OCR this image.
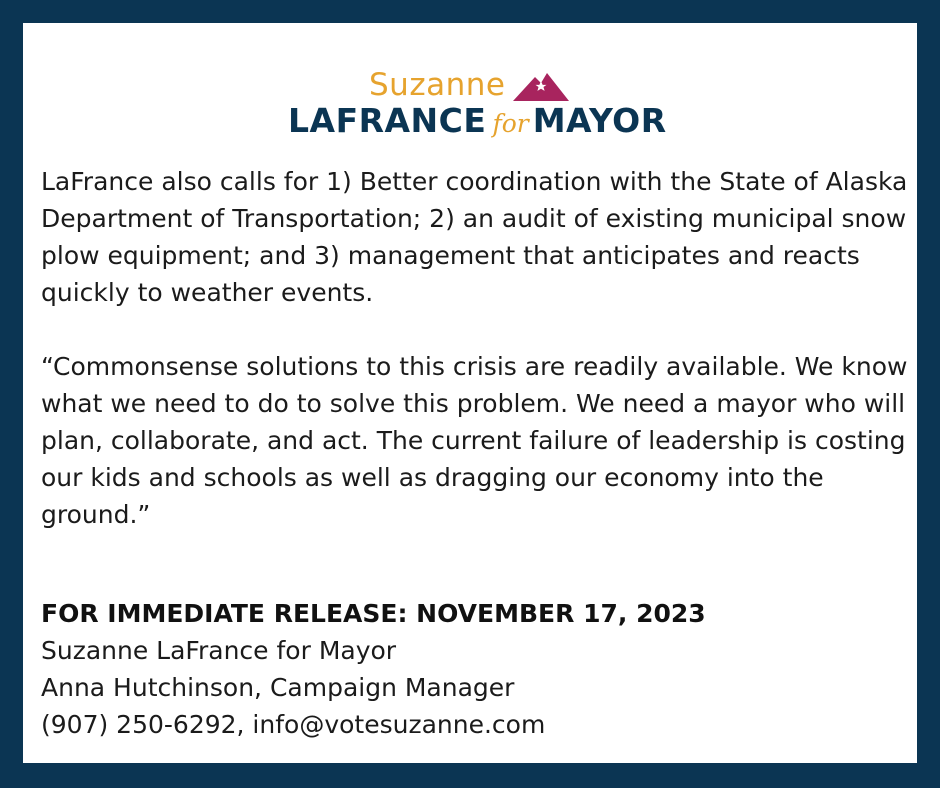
Suzanne
LAFRANCE for MAYOR

LaFrance also calls for 1) Better coordination with the State of Alaska Department of Transportation; 2) an audit of existing municipal snow plow equipment; and 3) management that anticipates and reacts quickly to weather events.

“Commonsense solutions to this crisis are readily available. We know what we need to do to solve this problem. We need a mayor who will plan, collaborate, and act. The current failure of leadership is costing our kids and schools as well as dragging our economy into the ground.”

FOR IMMEDIATE RELEASE: NOVEMBER 17, 2023
Suzanne LaFrance for Mayor
Anna Hutchinson, Campaign Manager
(907) 250-6292, info@votesuzanne.com
